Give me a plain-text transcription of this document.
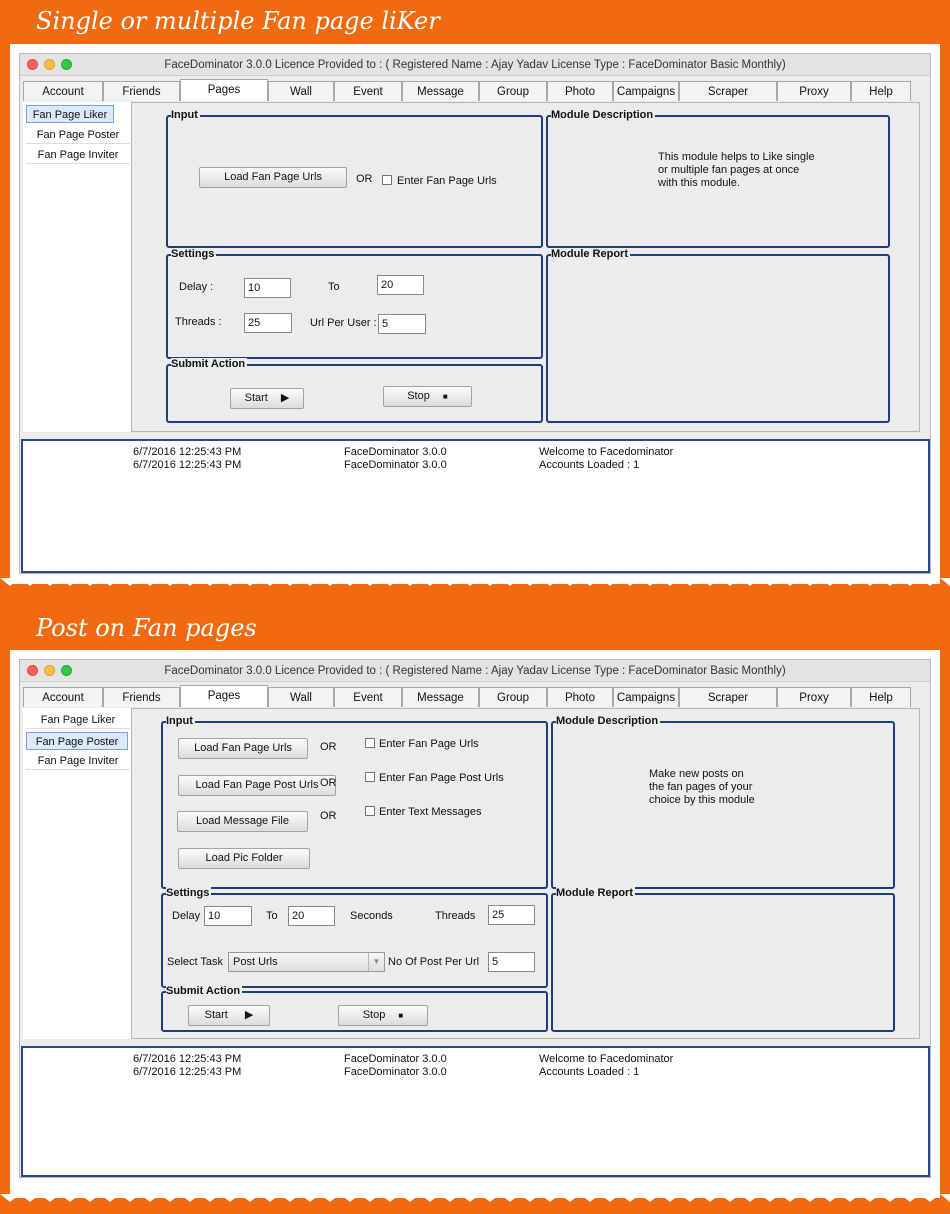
Single or multiple Fan page liKer
FaceDominator 3.0.0 Licence Provided to : ( Registered Name : Ajay Yadav License Type : FaceDominator Basic Monthly)
Account	Friends	Pages	Wall	Event	Message	Group	Photo	Campaigns	Scraper	Proxy	Help
Fan Page Liker
Fan Page Poster
Fan Page Inviter
Input
Load Fan Page Urls	OR Enter Fan Page Urls
Module Description
This module helps to Like single
or multiple fan pages at once
with this module.
Settings
Delay :	10	To	20
Threads :	25	Url Per User : 5
Module Report
Submit Action
Start ▶	Stop ■
6/7/2016 12:25:43 PM	FaceDominator 3.0.0	Welcome to Facedominator
6/7/2016 12:25:43 PM	FaceDominator 3.0.0	Accounts Loaded : 1
Post on Fan pages
FaceDominator 3.0.0 Licence Provided to : ( Registered Name : Ajay Yadav License Type : FaceDominator Basic Monthly)
Account	Friends	Pages	Wall	Event	Message	Group	Photo	Campaigns	Scraper	Proxy	Help
Fan Page Liker
Fan Page Poster
Fan Page Inviter
Input
Load Fan Page Urls
Load Fan Page Post Urls
Load Message File
Load Pic Folder
OR
OR
OR
Enter Fan Page Urls
Enter Fan Page Post Urls
Enter Text Messages
Module Description
Make new posts on
the fan pages of your
choice by this module
Settings
Delay 10	To	20	Seconds	Threads	25
Select Task Post Urls	▼ No Of Post Per Url	5
Module Report
Submit Action
Start ▶	Stop ■
6/7/2016 12:25:43 PM	FaceDominator 3.0.0	Welcome to Facedominator
6/7/2016 12:25:43 PM	FaceDominator 3.0.0	Accounts Loaded : 1
